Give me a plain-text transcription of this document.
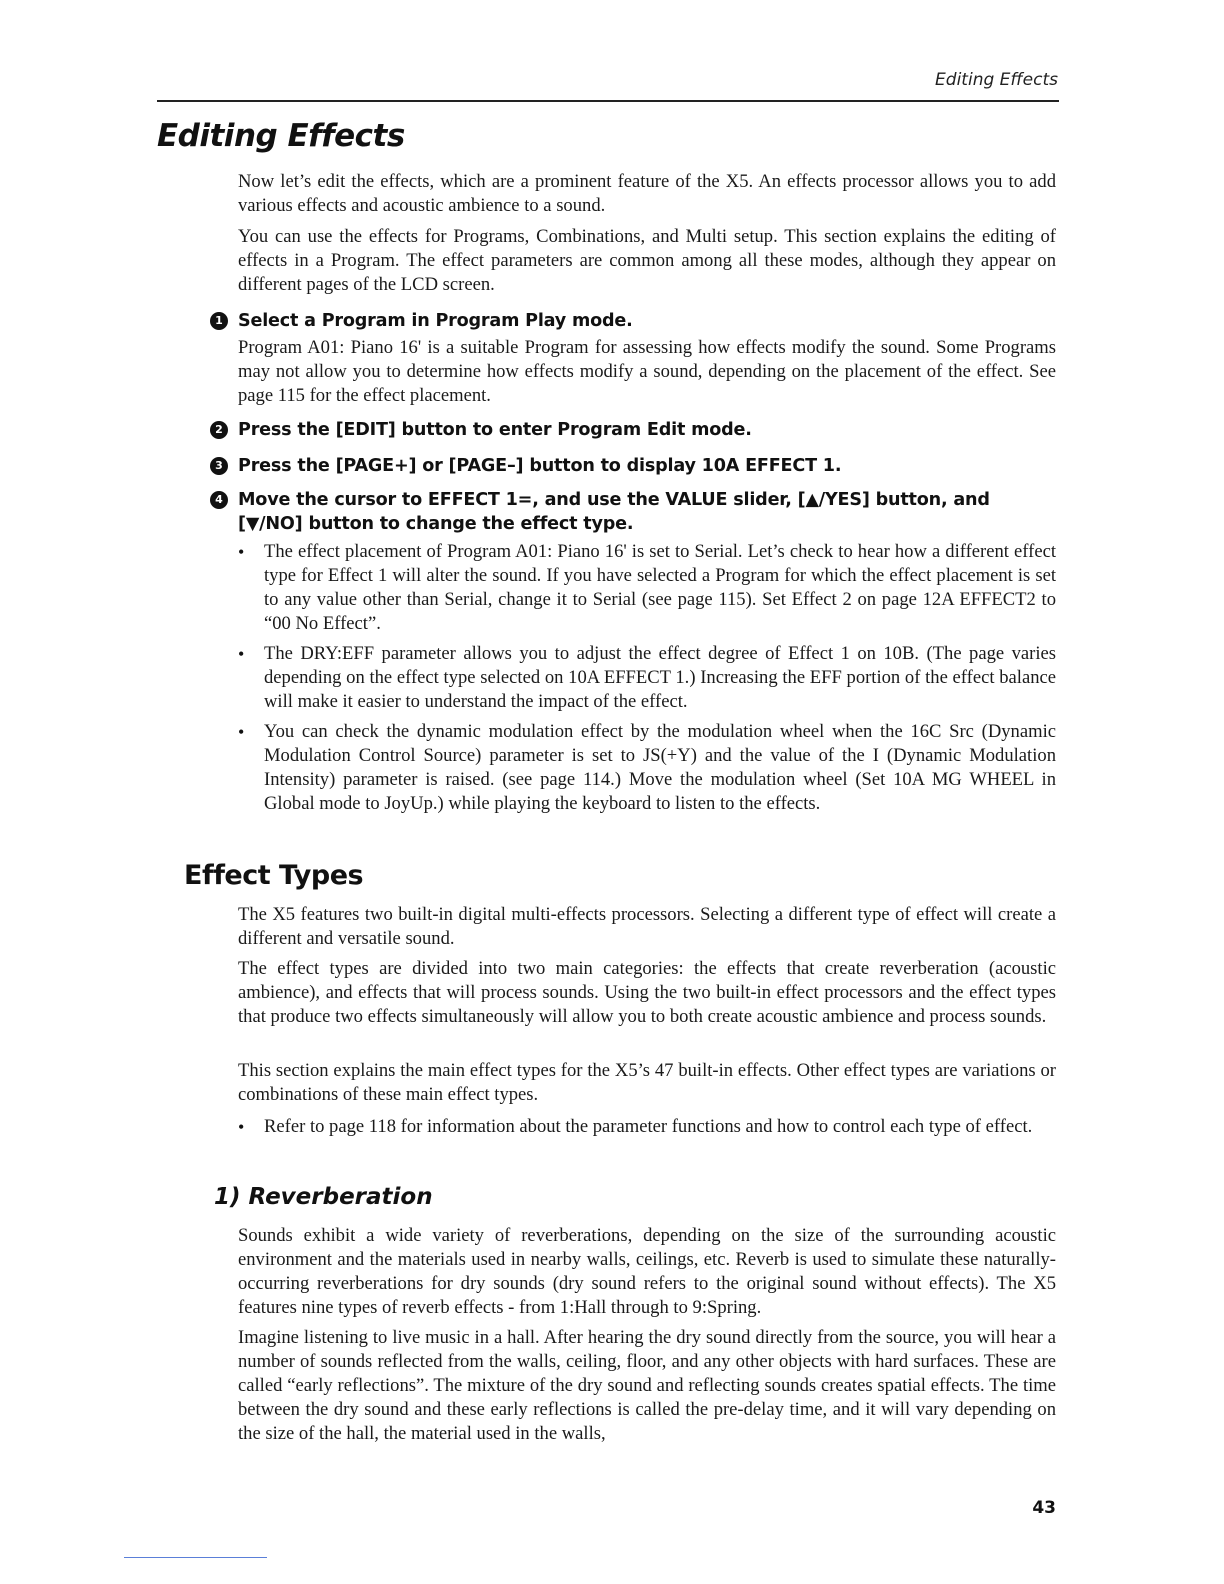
Editing Effects
Editing Effects

Now let’s edit the effects, which are a prominent feature of the X5. An effects processor allows you to add various effects and acoustic ambience to a sound.

You can use the effects for Programs, Combinations, and Multi setup. This section explains the editing of effects in a Program. The effect parameters are common among all these modes, although they appear on different pages of the LCD screen.

1 Select a Program in Program Play mode.

Program A01: Piano 16' is a suitable Program for assessing how effects modify the sound. Some Programs may not allow you to determine how effects modify a sound, depending on the placement of the effect. See page 115 for the effect placement.

2 Press the [EDIT] button to enter Program Edit mode.
3 Press the [PAGE+] or [PAGE–] button to display 10A EFFECT 1.
4 Move the cursor to EFFECT 1=, and use the VALUE slider, [▲/YES] button, and [▼/NO] button to change the effect type.
• The effect placement of Program A01: Piano 16' is set to Serial. Let’s check to hear how a different effect type for Effect 1 will alter the sound. If you have selected a Program for which the effect placement is set to any value other than Serial, change it to Serial (see page 115). Set Effect 2 on page 12A EFFECT2 to “00 No Effect”.

• The DRY:EFF parameter allows you to adjust the effect degree of Effect 1 on 10B. (The page varies depending on the effect type selected on 10A EFFECT 1.) Increasing the EFF portion of the effect balance will make it easier to understand the impact of the effect.

• You can check the dynamic modulation effect by the modulation wheel when the 16C Src (Dynamic Modulation Control Source) parameter is set to JS(+Y) and the value of the I (Dynamic Modulation Intensity) parameter is raised. (see page 114.) Move the modulation wheel (Set 10A MG WHEEL in Global mode to JoyUp.) while playing the keyboard to listen to the effects.

Effect Types

The X5 features two built-in digital multi-effects processors. Selecting a different type of effect will create a different and versatile sound.

The effect types are divided into two main categories: the effects that create reverberation (acoustic ambience), and effects that will process sounds. Using the two built-in effect processors and the effect types that produce two effects simultaneously will allow you to both create acoustic ambience and process sounds.

This section explains the main effect types for the X5’s 47 built-in effects. Other effect types are variations or combinations of these main effect types.

• Refer to page 118 for information about the parameter functions and how to control each type of effect.

1) Reverberation

Sounds exhibit a wide variety of reverberations, depending on the size of the surrounding acoustic environment and the materials used in nearby walls, ceilings, etc. Reverb is used to simulate these naturally-occurring reverberations for dry sounds (dry sound refers to the original sound without effects). The X5 features nine types of reverb effects - from 1:Hall through to 9:Spring.

Imagine listening to live music in a hall. After hearing the dry sound directly from the source, you will hear a number of sounds reflected from the walls, ceiling, floor, and any other objects with hard surfaces. These are called “early reflections”. The mixture of the dry sound and reflecting sounds creates spatial effects. The time between the dry sound and these early reflections is called the pre-delay time, and it will vary depending on the size of the hall, the material used in the walls,

43
